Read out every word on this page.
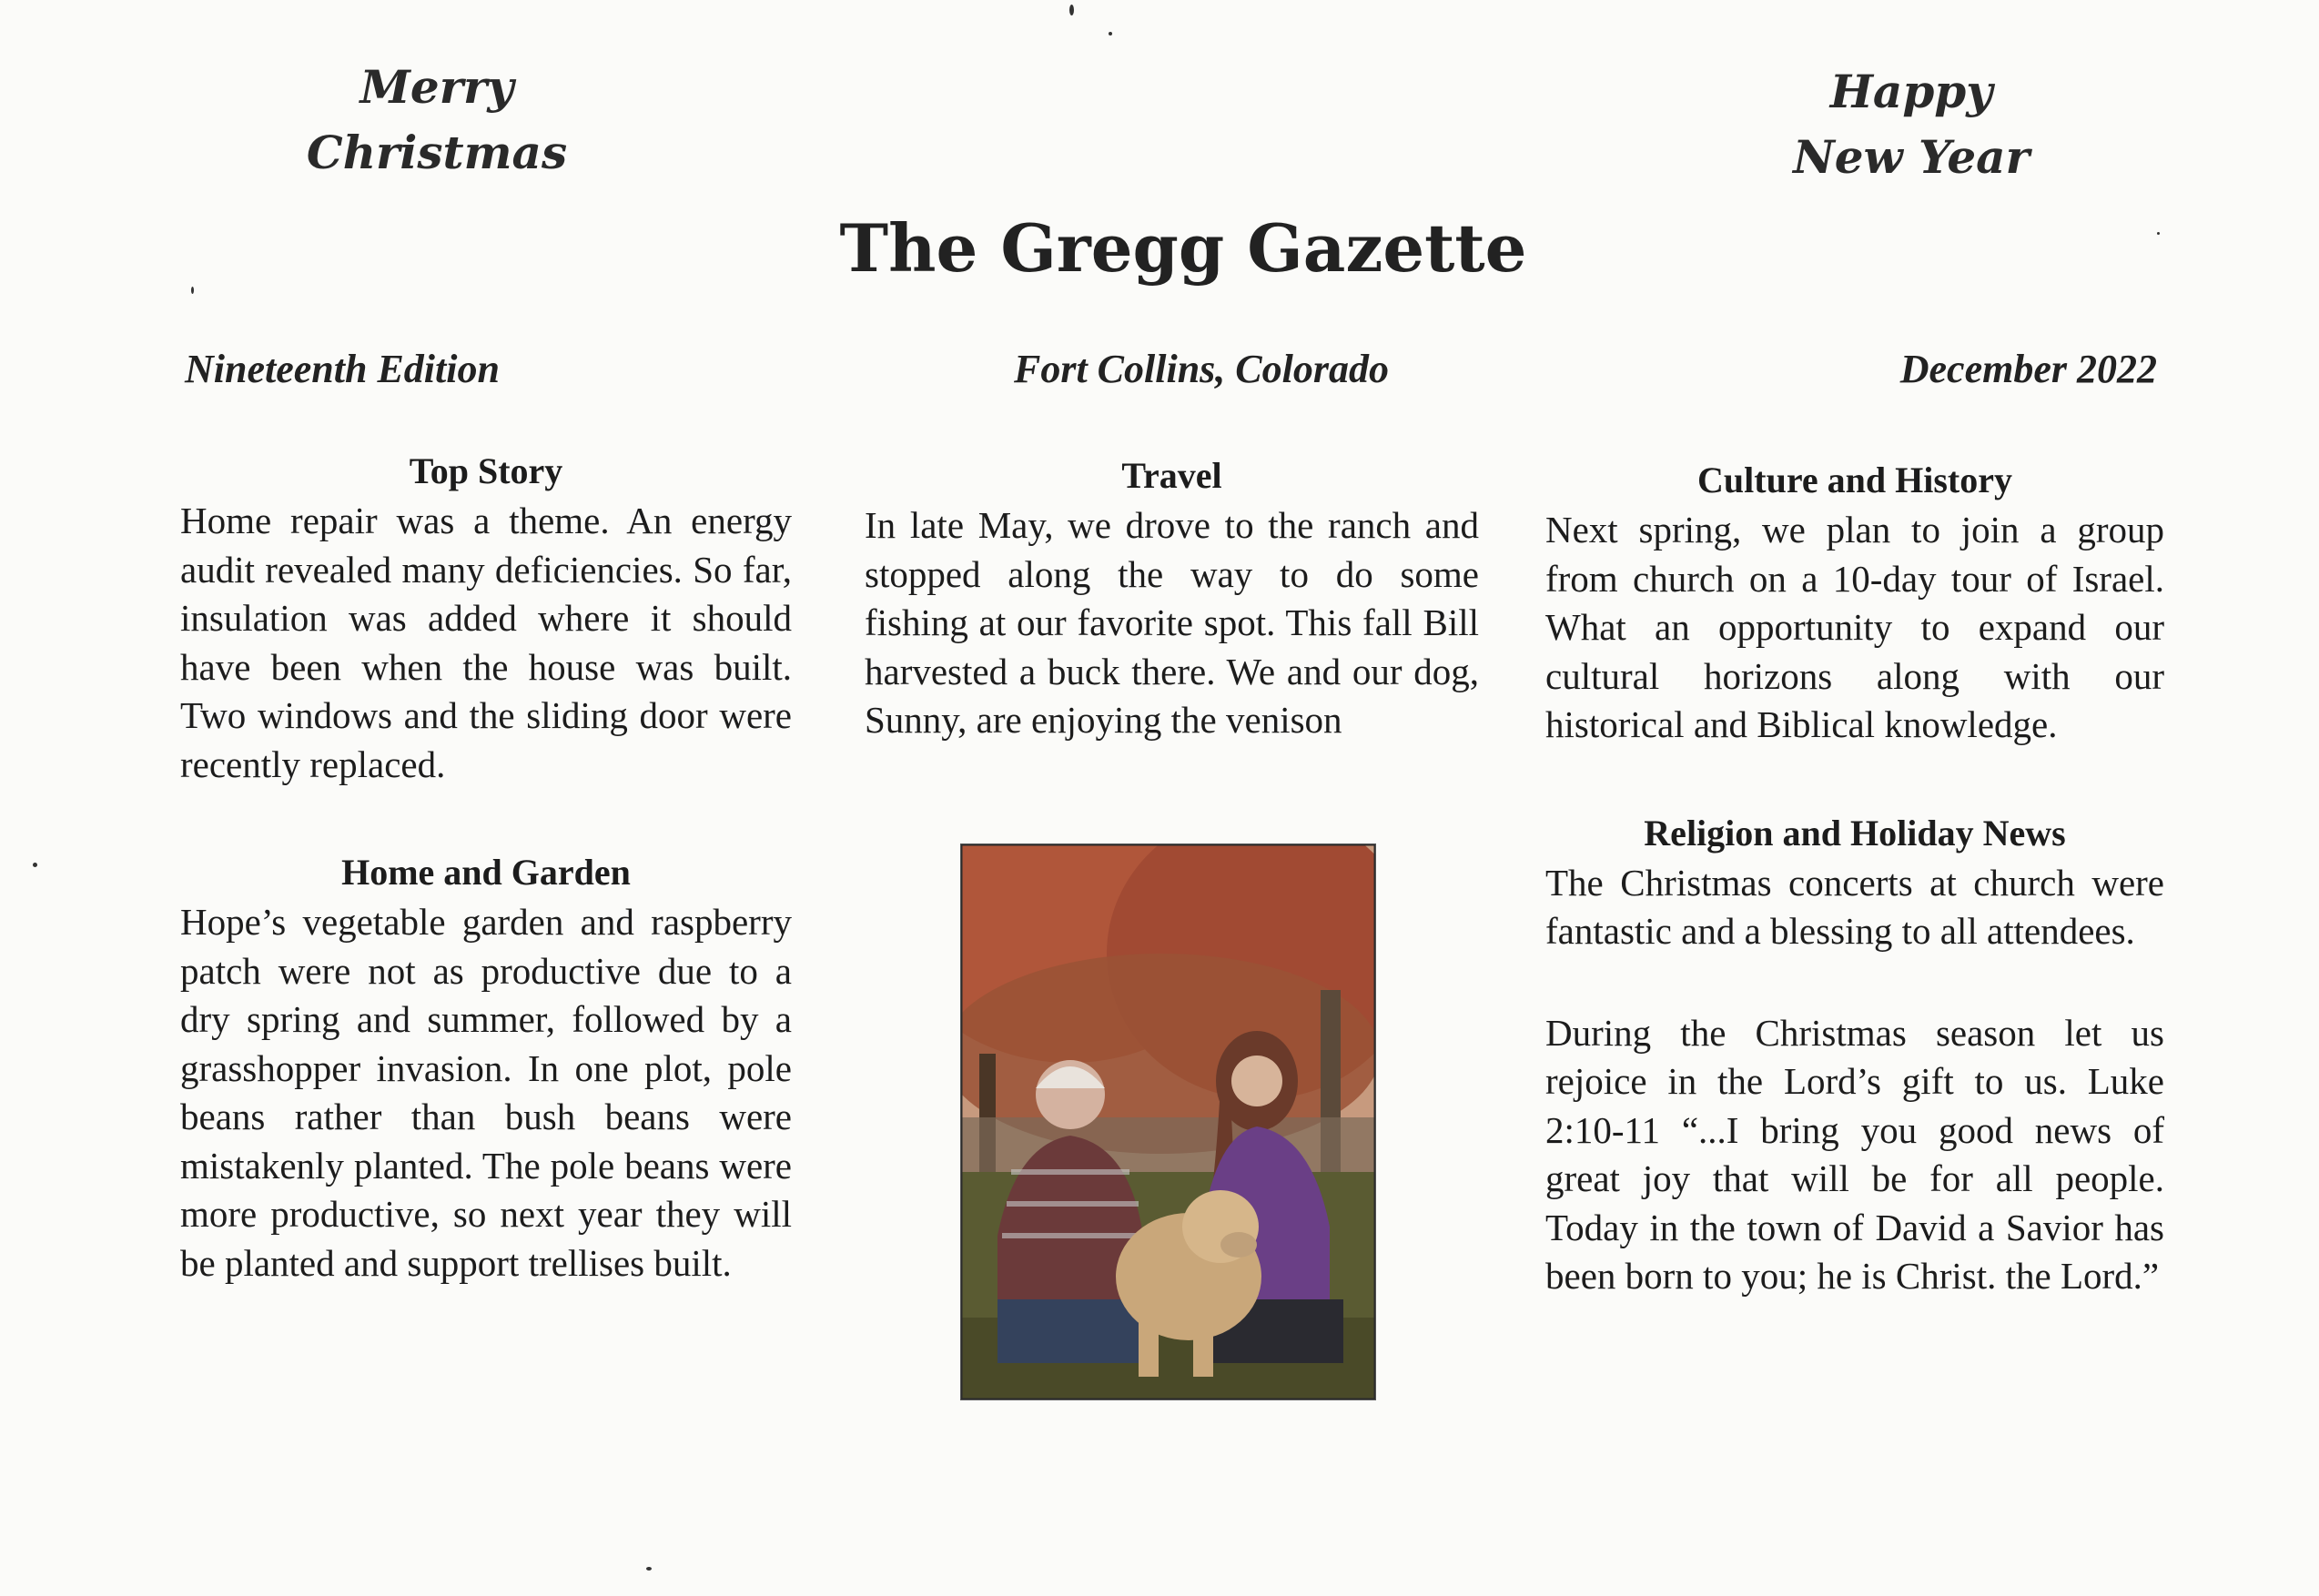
Merry
Christmas
Happy
New Year
The Gregg Gazette
Nineteenth Edition	Fort Collins, Colorado	December 2022
Top Story

Home repair was a theme. An energy audit revealed many deficiencies. So far, insulation was added where it should have been when the house was built. Two windows and the sliding door were recently replaced.

Home and Garden

Hope’s vegetable garden and raspberry patch were not as productive due to a dry spring and summer, followed by a grasshopper invasion. In one plot, pole beans rather than bush beans were mistakenly planted. The pole beans were more productive, so next year they will be planted and support trellises built.

Travel

In late May, we drove to the ranch and stopped along the way to do some fishing at our favorite spot. This fall Bill harvested a buck there. We and our dog, Sunny, are enjoying the venison

Culture and History

Next spring, we plan to join a group from church on a 10-day tour of Israel. What an opportunity to expand our cultural horizons along with our historical and Biblical knowledge.

Religion and Holiday News

The Christmas concerts at church were fantastic and a blessing to all attendees.

During the Christmas season let us rejoice in the Lord’s gift to us. Luke 2:10-11 “...I bring you good news of great joy that will be for all people. Today in the town of David a Savior has been born to you; he is Christ. the Lord.”
